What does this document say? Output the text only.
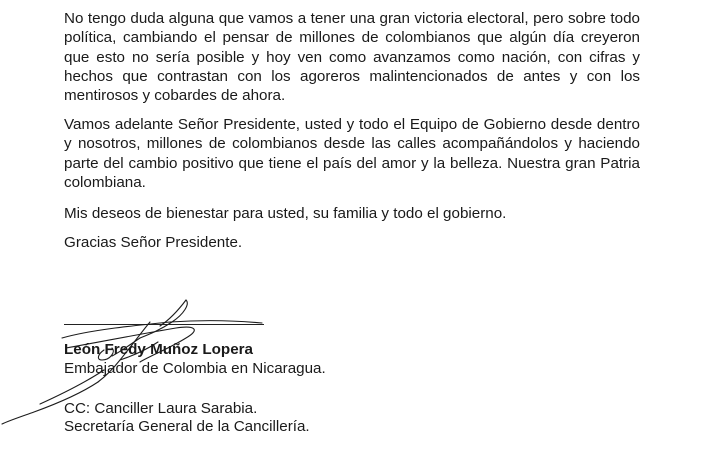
No tengo duda alguna que vamos a tener una gran victoria electoral, pero sobre todo política, cambiando el pensar de millones de colombianos que algún día creyeron que esto no sería posible y hoy ven como avanzamos como nación, con cifras y hechos que contrastan con los agoreros malintencionados de antes y con los mentirosos y cobardes de ahora.

Vamos adelante Señor Presidente, usted y todo el Equipo de Gobierno desde dentro y nosotros, millones de colombianos desde las calles acompañándolos y haciendo parte del cambio positivo que tiene el país del amor y la belleza. Nuestra gran Patria colombiana.

Mis deseos de bienestar para usted, su familia y todo el gobierno.

Gracias Señor Presidente.

León Fredy Muñoz Lopera

Embajador de Colombia en Nicaragua.

CC: Canciller Laura Sarabia.

Secretaría General de la Cancillería.
